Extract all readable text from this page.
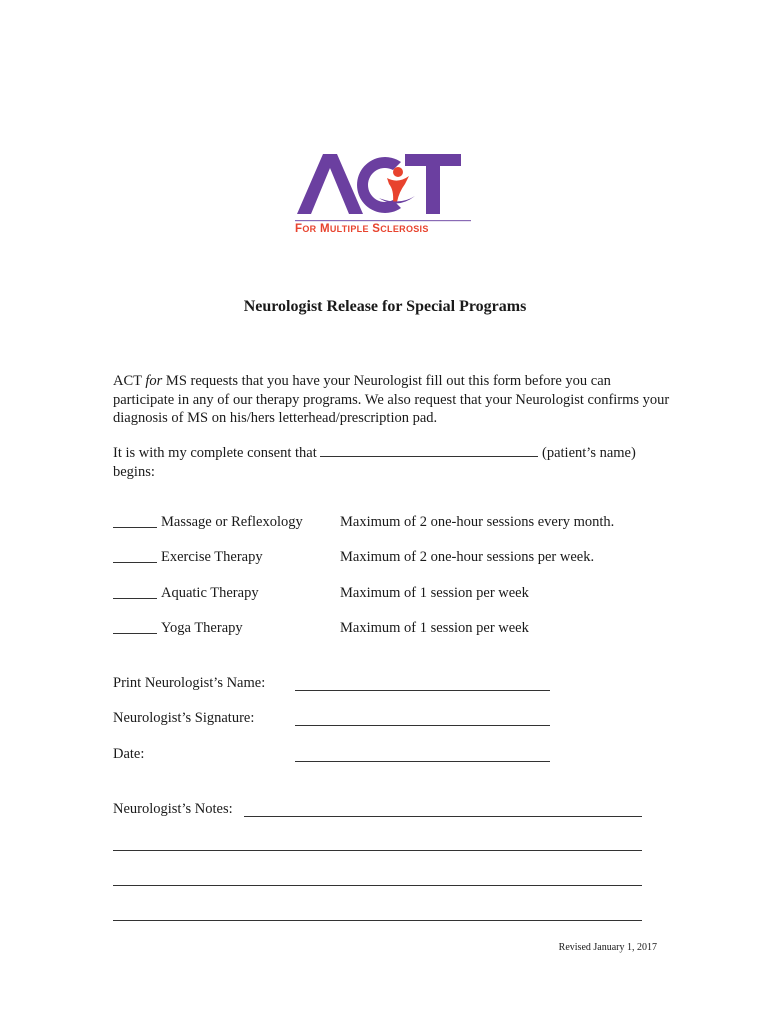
FOR MULTIPLE SCLEROSIS
Neurologist Release for Special Programs
ACT for MS requests that you have your Neurologist fill out this form before you can participate in any of our therapy programs. We also request that your Neurologist confirms your diagnosis of MS on his/hers letterhead/prescription pad.
It is with my complete consent that	(patient’s name) begins:
Massage or Reflexology	Maximum of 2 one-hour sessions every month.
Exercise Therapy	Maximum of 2 one-hour sessions per week.
Aquatic Therapy	Maximum of 1 session per week
Yoga Therapy	Maximum of 1 session per week
Print Neurologist’s Name:
Neurologist’s Signature:
Date:
Neurologist’s Notes:
Revised January 1, 2017
